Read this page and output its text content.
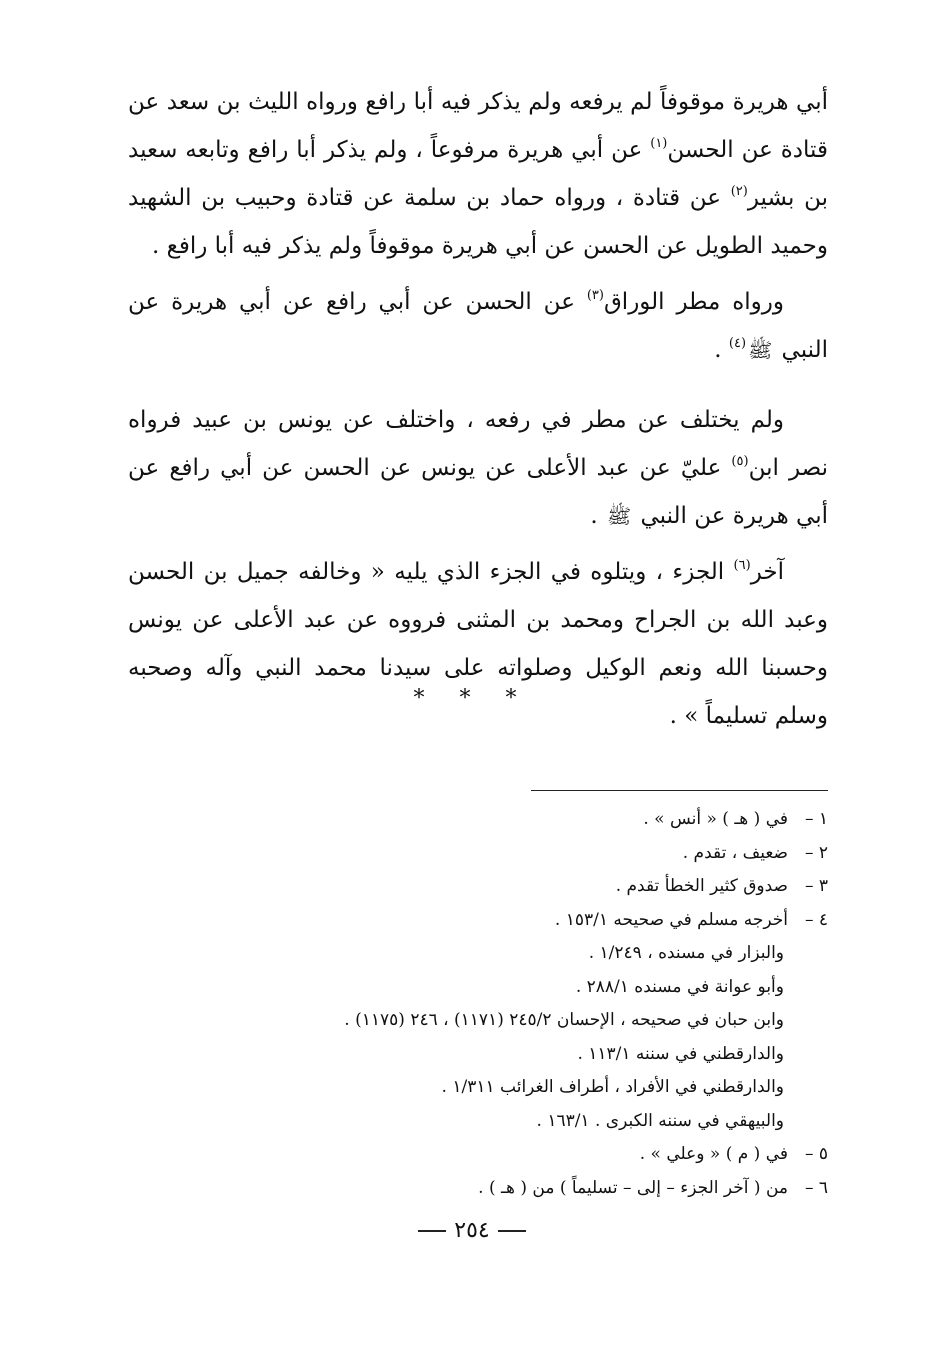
أبي هريرة موقوفاً لم يرفعه ولم يذكر فيه أبا رافع ورواه الليث بن سعد عن قتادة عن الحسن$^{(١)}$ عن أبي هريرة مرفوعاً ، ولم يذكر أبا رافع وتابعه سعيد بن بشير$^{(٢)}$ عن قتادة ، ورواه حماد بن سلمة عن قتادة وحبيب بن الشهيد وحميد الطويل عن الحسن عن أبي هريرة موقوفاً ولم يذكر فيه أبا رافع .

ورواه مطر الوراق$^{(٣)}$ عن الحسن عن أبي رافع عن أبي هريرة عن النبي ﷺ$^{(٤)}$ .

ولم يختلف عن مطر في رفعه ، واختلف عن يونس بن عبيد فرواه نصر ابن$^{(٥)}$ عليّ عن عبد الأعلى عن يونس عن الحسن عن أبي رافع عن أبي هريرة عن النبي ﷺ .

آخر$^{(٦)}$ الجزء ، ويتلوه في الجزء الذي يليه « وخالفه جميل بن الحسن وعبد الله بن الجراح ومحمد بن المثنى فرووه عن عبد الأعلى عن يونس وحسبنا الله ونعم الوكيل وصلواته على سيدنا محمد النبي وآله وصحبه وسلم تسليماً » .

* * *
١ –في ( هـ ) « أنس » .
٢ –ضعيف ، تقدم .
٣ –صدوق كثير الخطأ تقدم .
٤ –أخرجه مسلم في صحيحه ١٥٣/١ .
والبزار في مسنده ، ١/٢٤٩ .
وأبو عوانة في مسنده ٢٨٨/١ .
وابن حبان في صحيحه ، الإحسان ٢٤٥/٢ (١١٧١) ، ٢٤٦ (١١٧٥) .
والدارقطني في سننه ١١٣/١ .
والدارقطني في الأفراد ، أطراف الغرائب ١/٣١١ .
والبيهقي في سننه الكبرى . ١٦٣/١ .
٥ –في ( م ) « وعلي » .
٦ –من ( آخر الجزء – إلى – تسليماً ) من ( هـ ) .
٢٥٤
